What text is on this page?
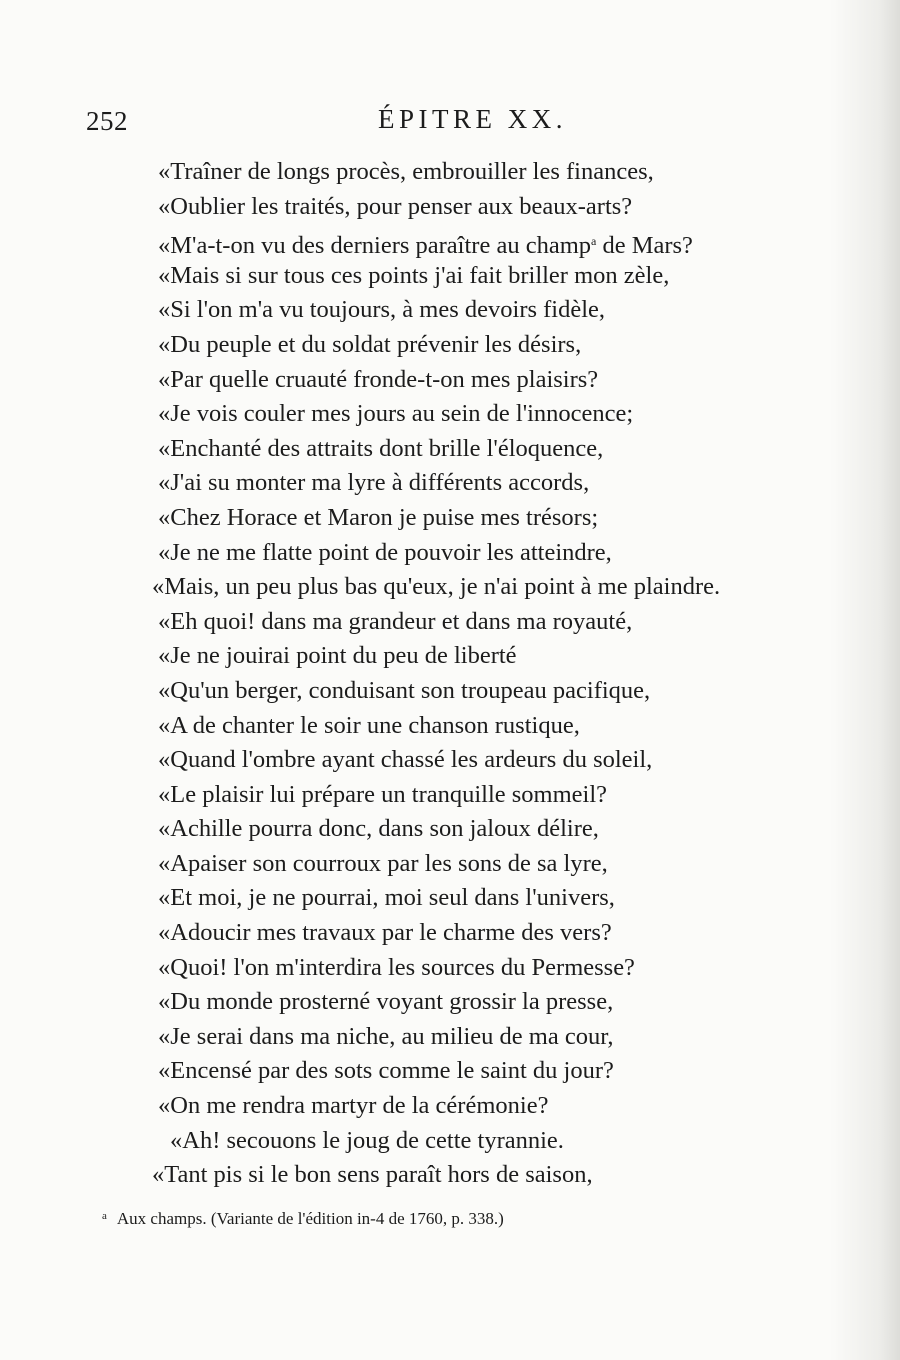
252	ÉPITRE XX.
«Traîner de longs procès, embrouiller les finances,
«Oublier les traités, pour penser aux beaux-arts?
«M'a-t-on vu des derniers paraître au champ$^a$ de Mars?
«Mais si sur tous ces points j'ai fait briller mon zèle,
«Si l'on m'a vu toujours, à mes devoirs fidèle,
«Du peuple et du soldat prévenir les désirs,
«Par quelle cruauté fronde-t-on mes plaisirs?
«Je vois couler mes jours au sein de l'innocence;
«Enchanté des attraits dont brille l'éloquence,
«J'ai su monter ma lyre à différents accords,
«Chez Horace et Maron je puise mes trésors;
«Je ne me flatte point de pouvoir les atteindre,
«Mais, un peu plus bas qu'eux, je n'ai point à me plaindre.
«Eh quoi! dans ma grandeur et dans ma royauté,
«Je ne jouirai point du peu de liberté
«Qu'un berger, conduisant son troupeau pacifique,
«A de chanter le soir une chanson rustique,
«Quand l'ombre ayant chassé les ardeurs du soleil,
«Le plaisir lui prépare un tranquille sommeil?
«Achille pourra donc, dans son jaloux délire,
«Apaiser son courroux par les sons de sa lyre,
«Et moi, je ne pourrai, moi seul dans l'univers,
«Adoucir mes travaux par le charme des vers?
«Quoi! l'on m'interdira les sources du Permesse?
«Du monde prosterné voyant grossir la presse,
«Je serai dans ma niche, au milieu de ma cour,
«Encensé par des sots comme le saint du jour?
«On me rendra martyr de la cérémonie?
«Ah! secouons le joug de cette tyrannie.
«Tant pis si le bon sens paraît hors de saison,
$^a$ Aux champs. (Variante de l'édition in-4 de 1760, p. 338.)
